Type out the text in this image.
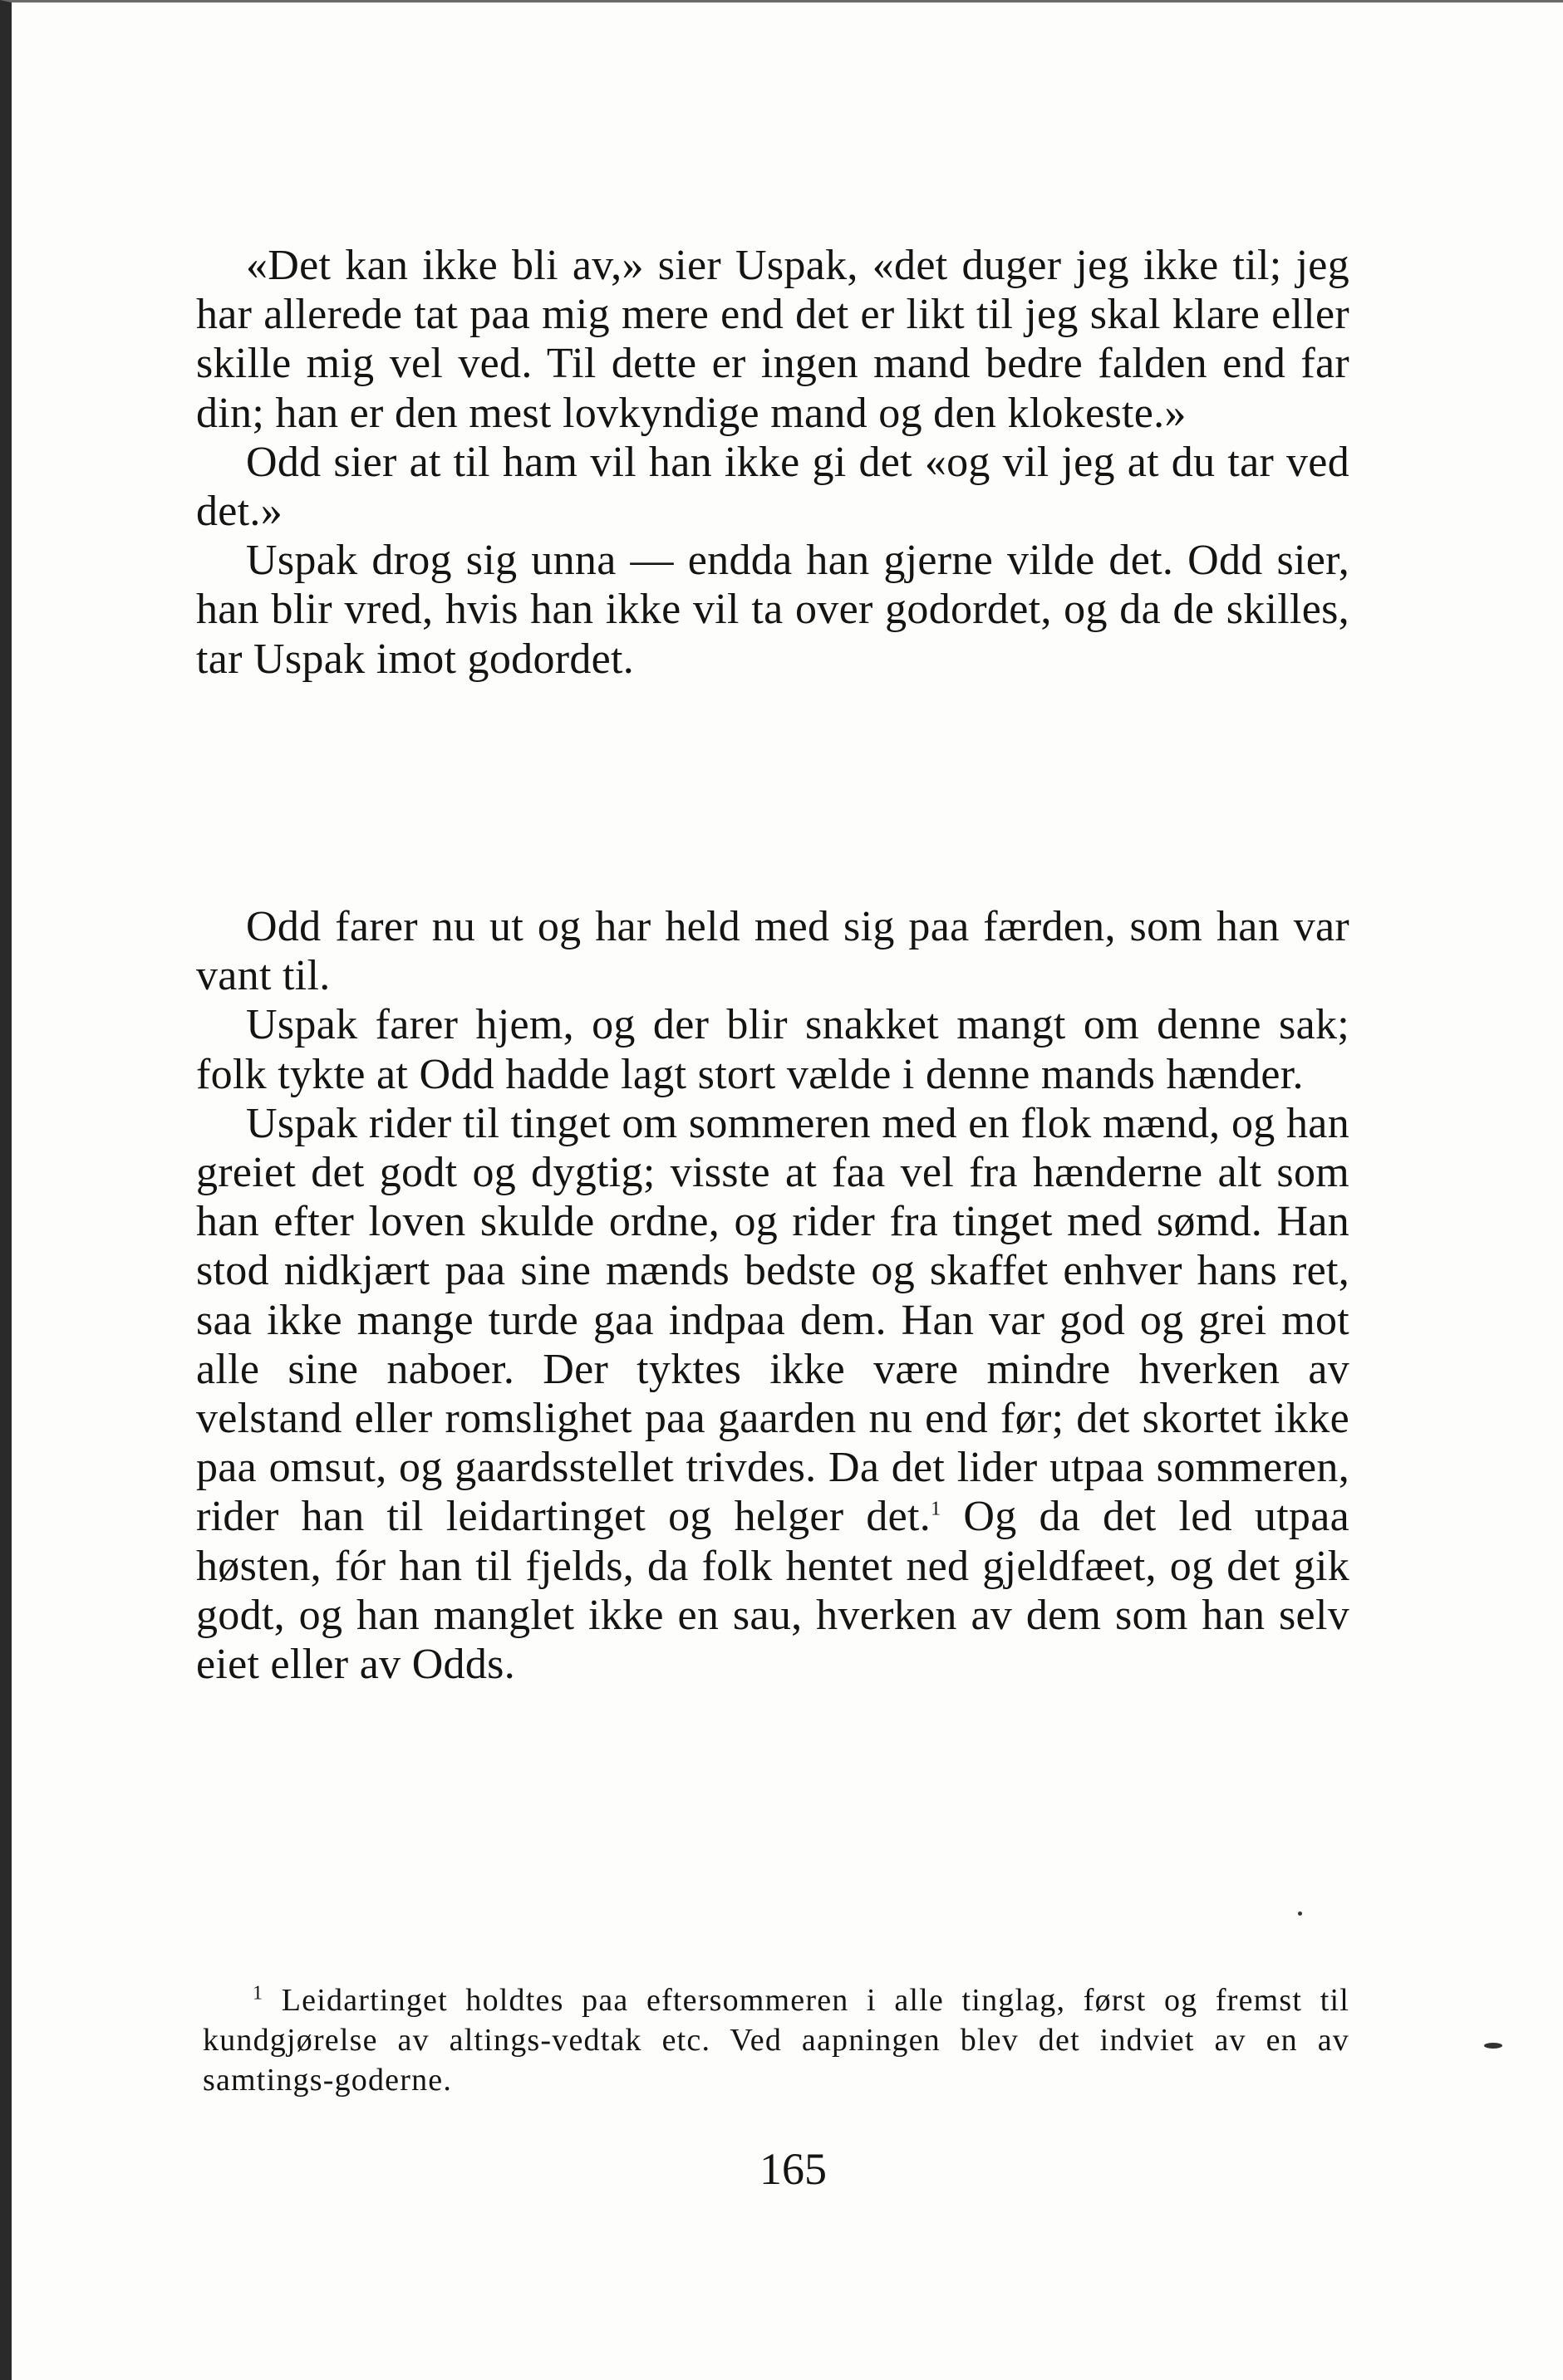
«Det kan ikke bli av,» sier Uspak, «det duger jeg ikke til; jeg har allerede tat paa mig mere end det er likt til jeg skal klare eller skille mig vel ved. Til dette er ingen mand bedre falden end far din; han er den mest lovkyndige mand og den klokeste.»

Odd sier at til ham vil han ikke gi det «og vil jeg at du tar ved det.»

Uspak drog sig unna — endda han gjerne vilde det. Odd sier, han blir vred, hvis han ikke vil ta over godordet, og da de skilles, tar Uspak imot godordet.

Odd farer nu ut og har held med sig paa færden, som han var vant til.

Uspak farer hjem, og der blir snakket mangt om denne sak; folk tykte at Odd hadde lagt stort vælde i denne mands hænder.

Uspak rider til tinget om sommeren med en flok mænd, og han greiet det godt og dygtig; visste at faa vel fra hænderne alt som han efter loven skulde ordne, og rider fra tinget med sømd. Han stod nidkjært paa sine mænds bedste og skaffet enhver hans ret, saa ikke mange turde gaa indpaa dem. Han var god og grei mot alle sine naboer. Der tyktes ikke være mindre hverken av velstand eller romslighet paa gaarden nu end før; det skortet ikke paa omsut, og gaardsstellet trivdes. Da det lider utpaa sommeren, rider han til leidartinget og helger det.$^1$ Og da det led utpaa høsten, fór han til fjelds, da folk hentet ned gjeldfæet, og det gik godt, og han manglet ikke en sau, hverken av dem som han selv eiet eller av Odds.

$^1$ Leidartinget holdtes paa eftersommeren i alle tinglag, først og fremst til kundgjørelse av altings-vedtak etc. Ved aapningen blev det indviet av en av samtings-goderne.

165
